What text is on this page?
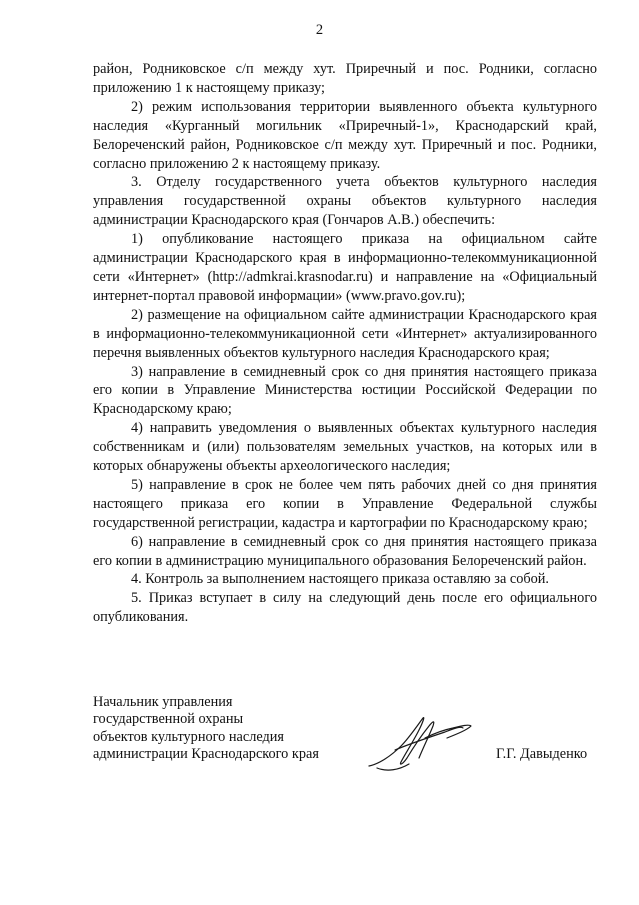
2

район, Родниковское с/п между хут. Приречный и пос. Родники, согласно приложению 1 к настоящему приказу;

2) режим использования территории выявленного объекта культурного наследия «Курганный могильник «Приречный-1», Краснодарский край, Белореченский район, Родниковское с/п между хут. Приречный и пос. Родники, согласно приложению 2 к настоящему приказу.

3. Отделу государственного учета объектов культурного наследия управления государственной охраны объектов культурного наследия администрации Краснодарского края (Гончаров А.В.) обеспечить:

1) опубликование настоящего приказа на официальном сайте администрации Краснодарского края в информационно-телекоммуникационной сети «Интернет» (http://admkrai.krasnodar.ru) и направление на «Официальный интернет-портал правовой информации» (www.pravo.gov.ru);

2) размещение на официальном сайте администрации Краснодарского края в информационно-телекоммуникационной сети «Интернет» актуализированного перечня выявленных объектов культурного наследия Краснодарского края;

3) направление в семидневный срок со дня принятия настоящего приказа его копии в Управление Министерства юстиции Российской Федерации по Краснодарскому краю;

4) направить уведомления о выявленных объектах культурного наследия собственникам и (или) пользователям земельных участков, на которых или в которых обнаружены объекты археологического наследия;

5) направление в срок не более чем пять рабочих дней со дня принятия настоящего приказа его копии в Управление Федеральной службы государственной регистрации, кадастра и картографии по Краснодарскому краю;

6) направление в семидневный срок со дня принятия настоящего приказа его копии в администрацию муниципального образования Белореченский район.

4. Контроль за выполнением настоящего приказа оставляю за собой.

5. Приказ вступает в силу на следующий день после его официального опубликования.

Начальник управления
государственной охраны
объектов культурного наследия
администрации Краснодарского края	Г.Г. Давыденко
